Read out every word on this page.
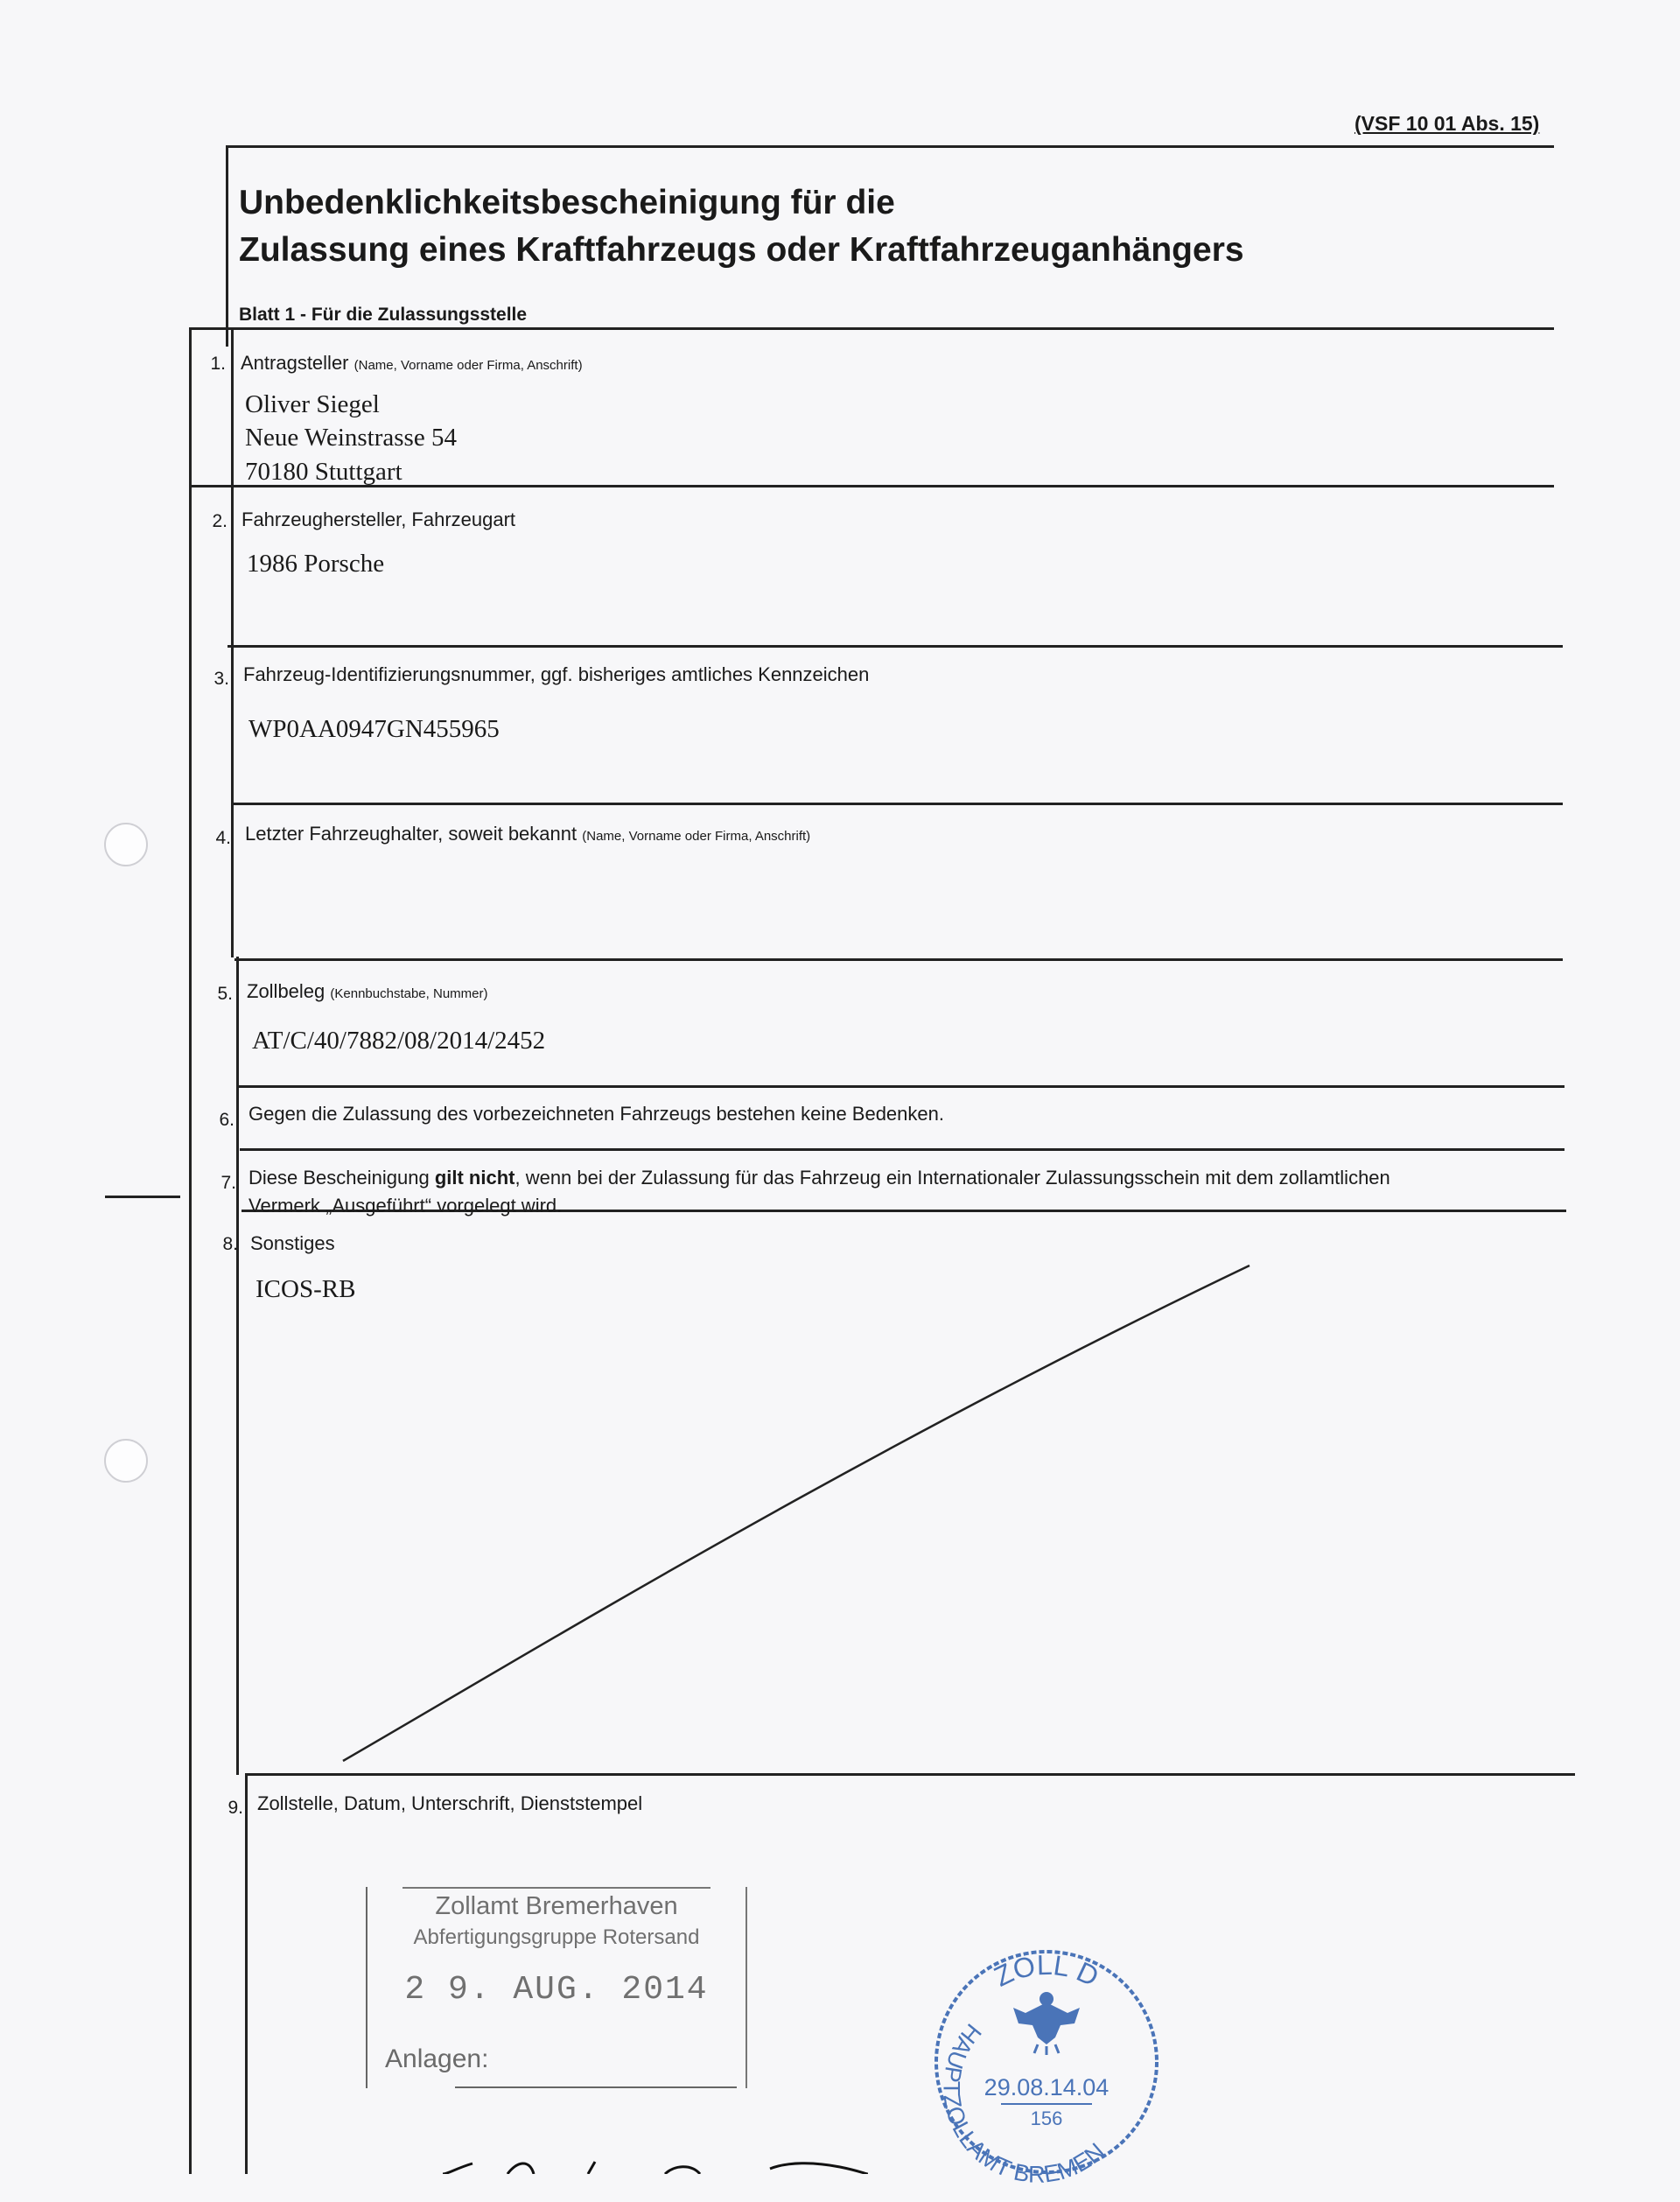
(VSF 10 01 Abs. 15)
Unbedenklichkeitsbescheinigung für die
Zulassung eines Kraftfahrzeugs oder Kraftfahrzeuganhängers
Blatt 1 - Für die Zulassungsstelle
1. Antragsteller (Name, Vorname oder Firma, Anschrift)
Oliver Siegel
Neue Weinstrasse 54
70180 Stuttgart
2. Fahrzeughersteller, Fahrzeugart
1986 Porsche
3. Fahrzeug-Identifizierungsnummer, ggf. bisheriges amtliches Kennzeichen
WP0AA0947GN455965
4. Letzter Fahrzeughalter, soweit bekannt (Name, Vorname oder Firma, Anschrift)
5. Zollbeleg (Kennbuchstabe, Nummer)
AT/C/40/7882/08/2014/2452
6. Gegen die Zulassung des vorbezeichneten Fahrzeugs bestehen keine Bedenken.
7. Diese Bescheinigung gilt nicht, wenn bei der Zulassung für das Fahrzeug ein Internationaler Zulassungsschein mit dem zollamtlichen
Vermerk „Ausgeführt“ vorgelegt wird.
8. Sonstiges
ICOS-RB
9. Zollstelle, Datum, Unterschrift, Dienststempel
Zollamt Bremerhaven
Abfertigungsgruppe Rotersand
2 9. AUG. 2014
Anlagen:
ZOLL D
HAUPTZOLLAMT BREMEN
29.08.14.04
156
